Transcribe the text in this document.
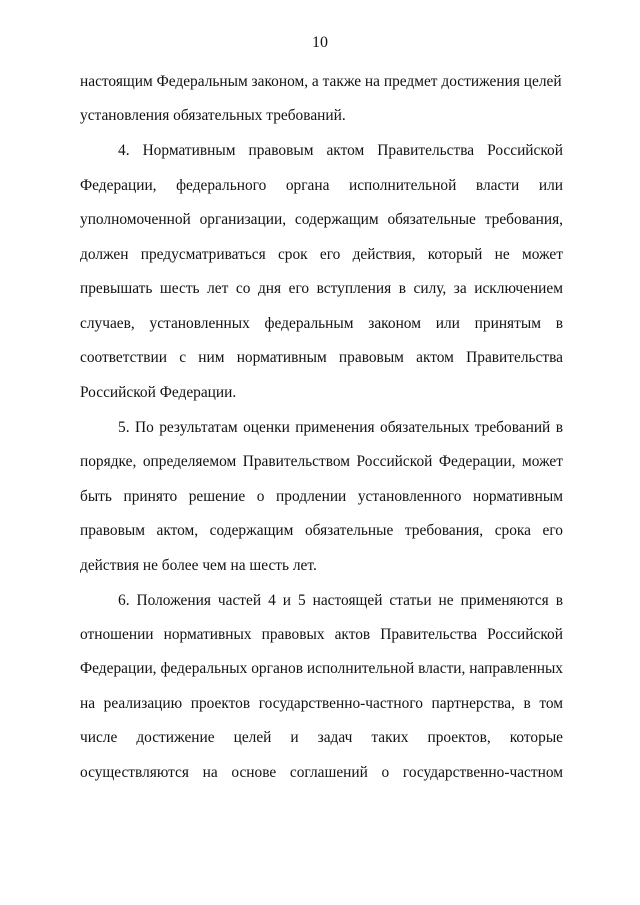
10
настоящим Федеральным законом, а также на предмет достижения целей
установления обязательных требований.
4. Нормативным правовым актом Правительства Российской
Федерации, федерального органа исполнительной власти или
уполномоченной организации, содержащим обязательные требования,
должен предусматриваться срок его действия, который не может
превышать шесть лет со дня его вступления в силу, за исключением
случаев, установленных федеральным законом или принятым в
соответствии с ним нормативным правовым актом Правительства
Российской Федерации.
5. По результатам оценки применения обязательных требований в
порядке, определяемом Правительством Российской Федерации, может
быть принято решение о продлении установленного нормативным
правовым актом, содержащим обязательные требования, срока его
действия не более чем на шесть лет.
6. Положения частей 4 и 5 настоящей статьи не применяются в
отношении нормативных правовых актов Правительства Российской
Федерации, федеральных органов исполнительной власти, направленных
на реализацию проектов государственно-частного партнерства, в том
числе достижение целей и задач таких проектов, которые
осуществляются на основе соглашений о государственно-частном
